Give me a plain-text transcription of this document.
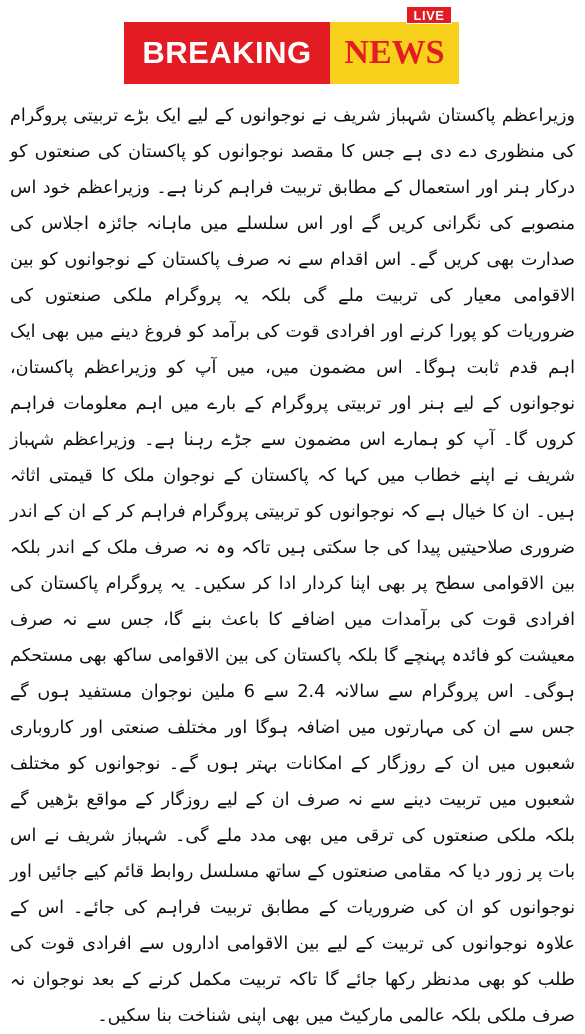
LIVE
BREAKING NEWS
وزیراعظم پاکستان شہباز شریف نے نوجوانوں کے لیے ایک بڑے تربیتی پروگرام کی منظوری دے دی ہے جس کا مقصد نوجوانوں کو پاکستان کی صنعتوں کو درکار ہنر اور استعمال کے مطابق تربیت فراہم کرنا ہے۔ وزیراعظم خود اس منصوبے کی نگرانی کریں گے اور اس سلسلے میں ماہانہ جائزہ اجلاس کی صدارت بھی کریں گے۔ اس اقدام سے نہ صرف پاکستان کے نوجوانوں کو بین الاقوامی معیار کی تربیت ملے گی بلکہ یہ پروگرام ملکی صنعتوں کی ضروریات کو پورا کرنے اور افرادی قوت کی برآمد کو فروغ دینے میں بھی ایک اہم قدم ثابت ہوگا۔ اس مضمون میں، میں آپ کو وزیراعظم پاکستان، نوجوانوں کے لیے ہنر اور تربیتی پروگرام کے بارے میں اہم معلومات فراہم کروں گا۔ آپ کو ہمارے اس مضمون سے جڑے رہنا ہے۔ وزیراعظم شہباز شریف نے اپنے خطاب میں کہا کہ پاکستان کے نوجوان ملک کا قیمتی اثاثہ ہیں۔ ان کا خیال ہے کہ نوجوانوں کو تربیتی پروگرام فراہم کر کے ان کے اندر ضروری صلاحیتیں پیدا کی جا سکتی ہیں تاکہ وہ نہ صرف ملک کے اندر بلکہ بین الاقوامی سطح پر بھی اپنا کردار ادا کر سکیں۔ یہ پروگرام پاکستان کی افرادی قوت کی برآمدات میں اضافے کا باعث بنے گا، جس سے نہ صرف معیشت کو فائدہ پہنچے گا بلکہ پاکستان کی بین الاقوامی ساکھ بھی مستحکم ہوگی۔ اس پروگرام سے سالانہ 2.4 سے 6 ملین نوجوان مستفید ہوں گے جس سے ان کی مہارتوں میں اضافہ ہوگا اور مختلف صنعتی اور کاروباری شعبوں میں ان کے روزگار کے امکانات بہتر ہوں گے۔ نوجوانوں کو مختلف شعبوں میں تربیت دینے سے نہ صرف ان کے لیے روزگار کے مواقع بڑھیں گے بلکہ ملکی صنعتوں کی ترقی میں بھی مدد ملے گی۔ شہباز شریف نے اس بات پر زور دیا کہ مقامی صنعتوں کے ساتھ مسلسل روابط قائم کیے جائیں اور نوجوانوں کو ان کی ضروریات کے مطابق تربیت فراہم کی جائے۔ اس کے علاوہ نوجوانوں کی تربیت کے لیے بین الاقوامی اداروں سے افرادی قوت کی طلب کو بھی مدنظر رکھا جائے گا تاکہ تربیت مکمل کرنے کے بعد نوجوان نہ صرف ملکی بلکہ عالمی مارکیٹ میں بھی اپنی شناخت بنا سکیں۔
